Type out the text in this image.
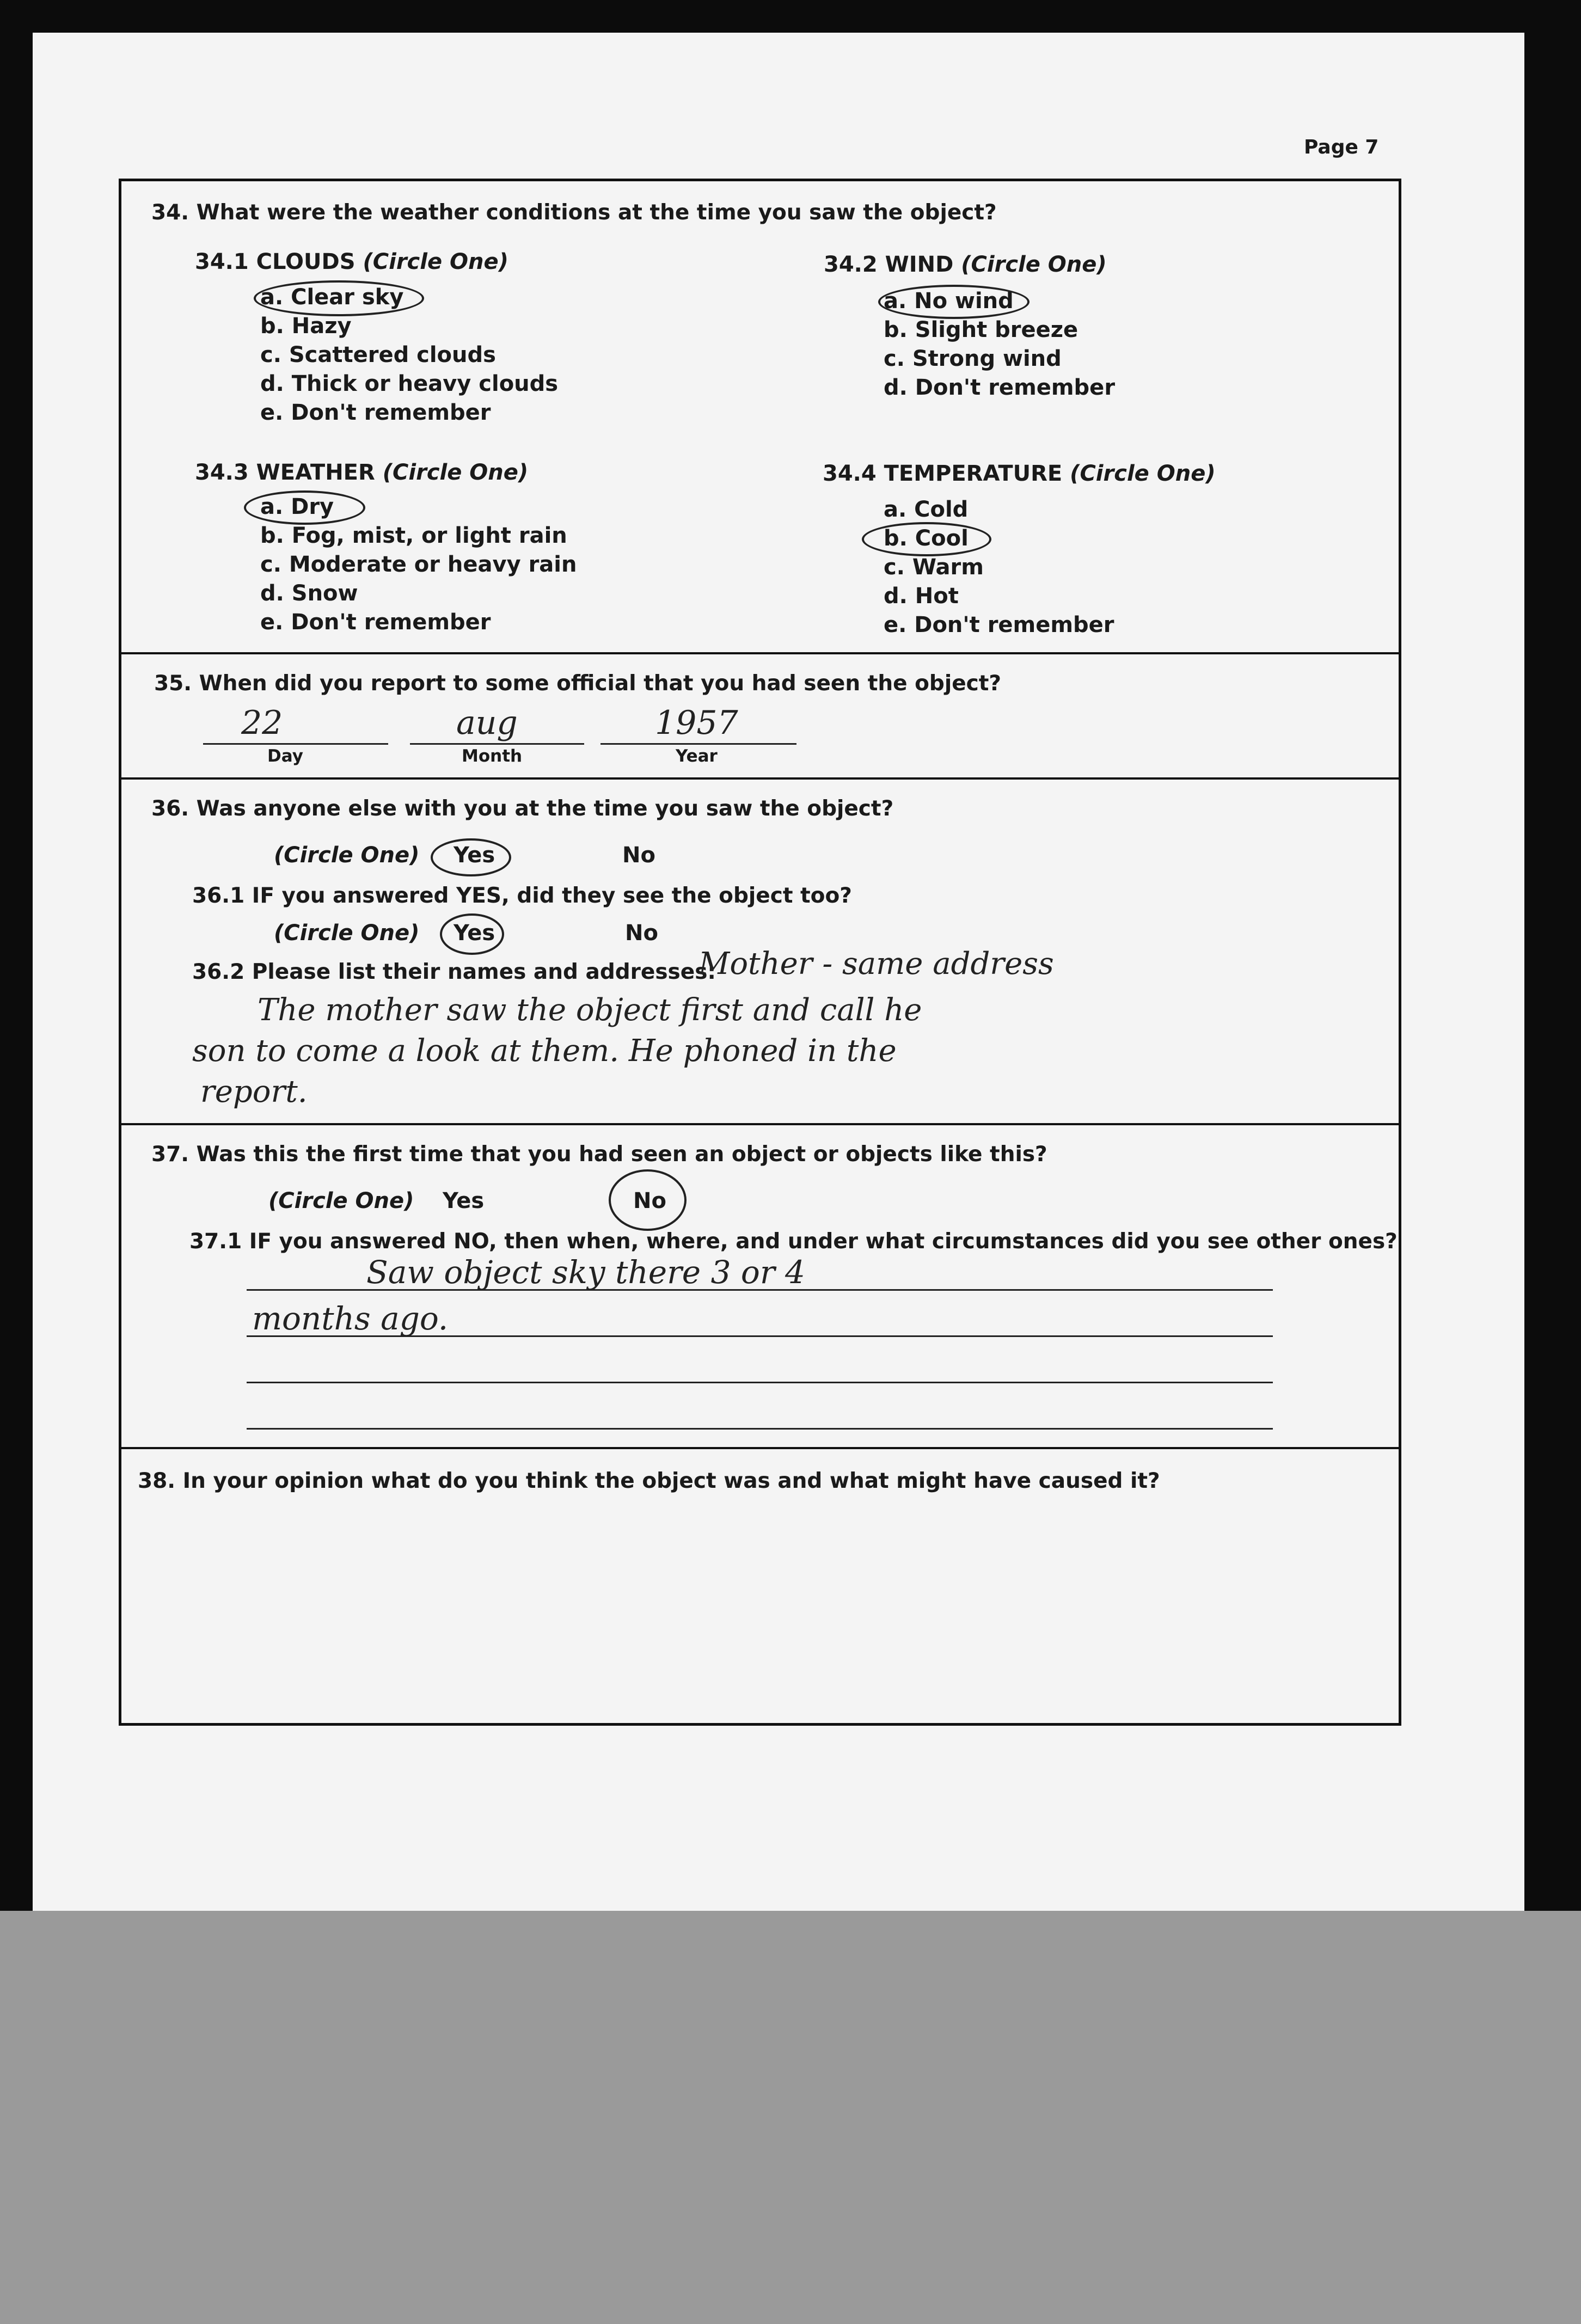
Page 7
34. What were the weather conditions at the time you saw the object?
34.1 CLOUDS (Circle One)
a. Clear sky
b. Hazy
c. Scattered clouds
d. Thick or heavy clouds
e. Don't remember
34.2 WIND (Circle One)
a. No wind
b. Slight breeze
c. Strong wind
d. Don't remember
34.3 WEATHER (Circle One)
a. Dry
b. Fog, mist, or light rain
c. Moderate or heavy rain
d. Snow
e. Don't remember
34.4 TEMPERATURE (Circle One)
a. Cold
b. Cool
c. Warm
d. Hot
e. Don't remember
35. When did you report to some official that you had seen the object?
22
Day
aug
Month
1957
Year
36. Was anyone else with you at the time you saw the object?
(Circle One) Yes	No
36.1 IF you answered YES, did they see the object too?
(Circle One) Yes	No
36.2 Please list their names and addresses:
Mother - same address
The mother saw the object first and call he
son to come a look at them. He phoned in the
report.
37. Was this the first time that you had seen an object or objects like this?
(Circle One) Yes	No
37.1 IF you answered NO, then when, where, and under what circumstances did you see other ones?
Saw object sky there 3 or 4
months ago.
38. In your opinion what do you think the object was and what might have caused it?
